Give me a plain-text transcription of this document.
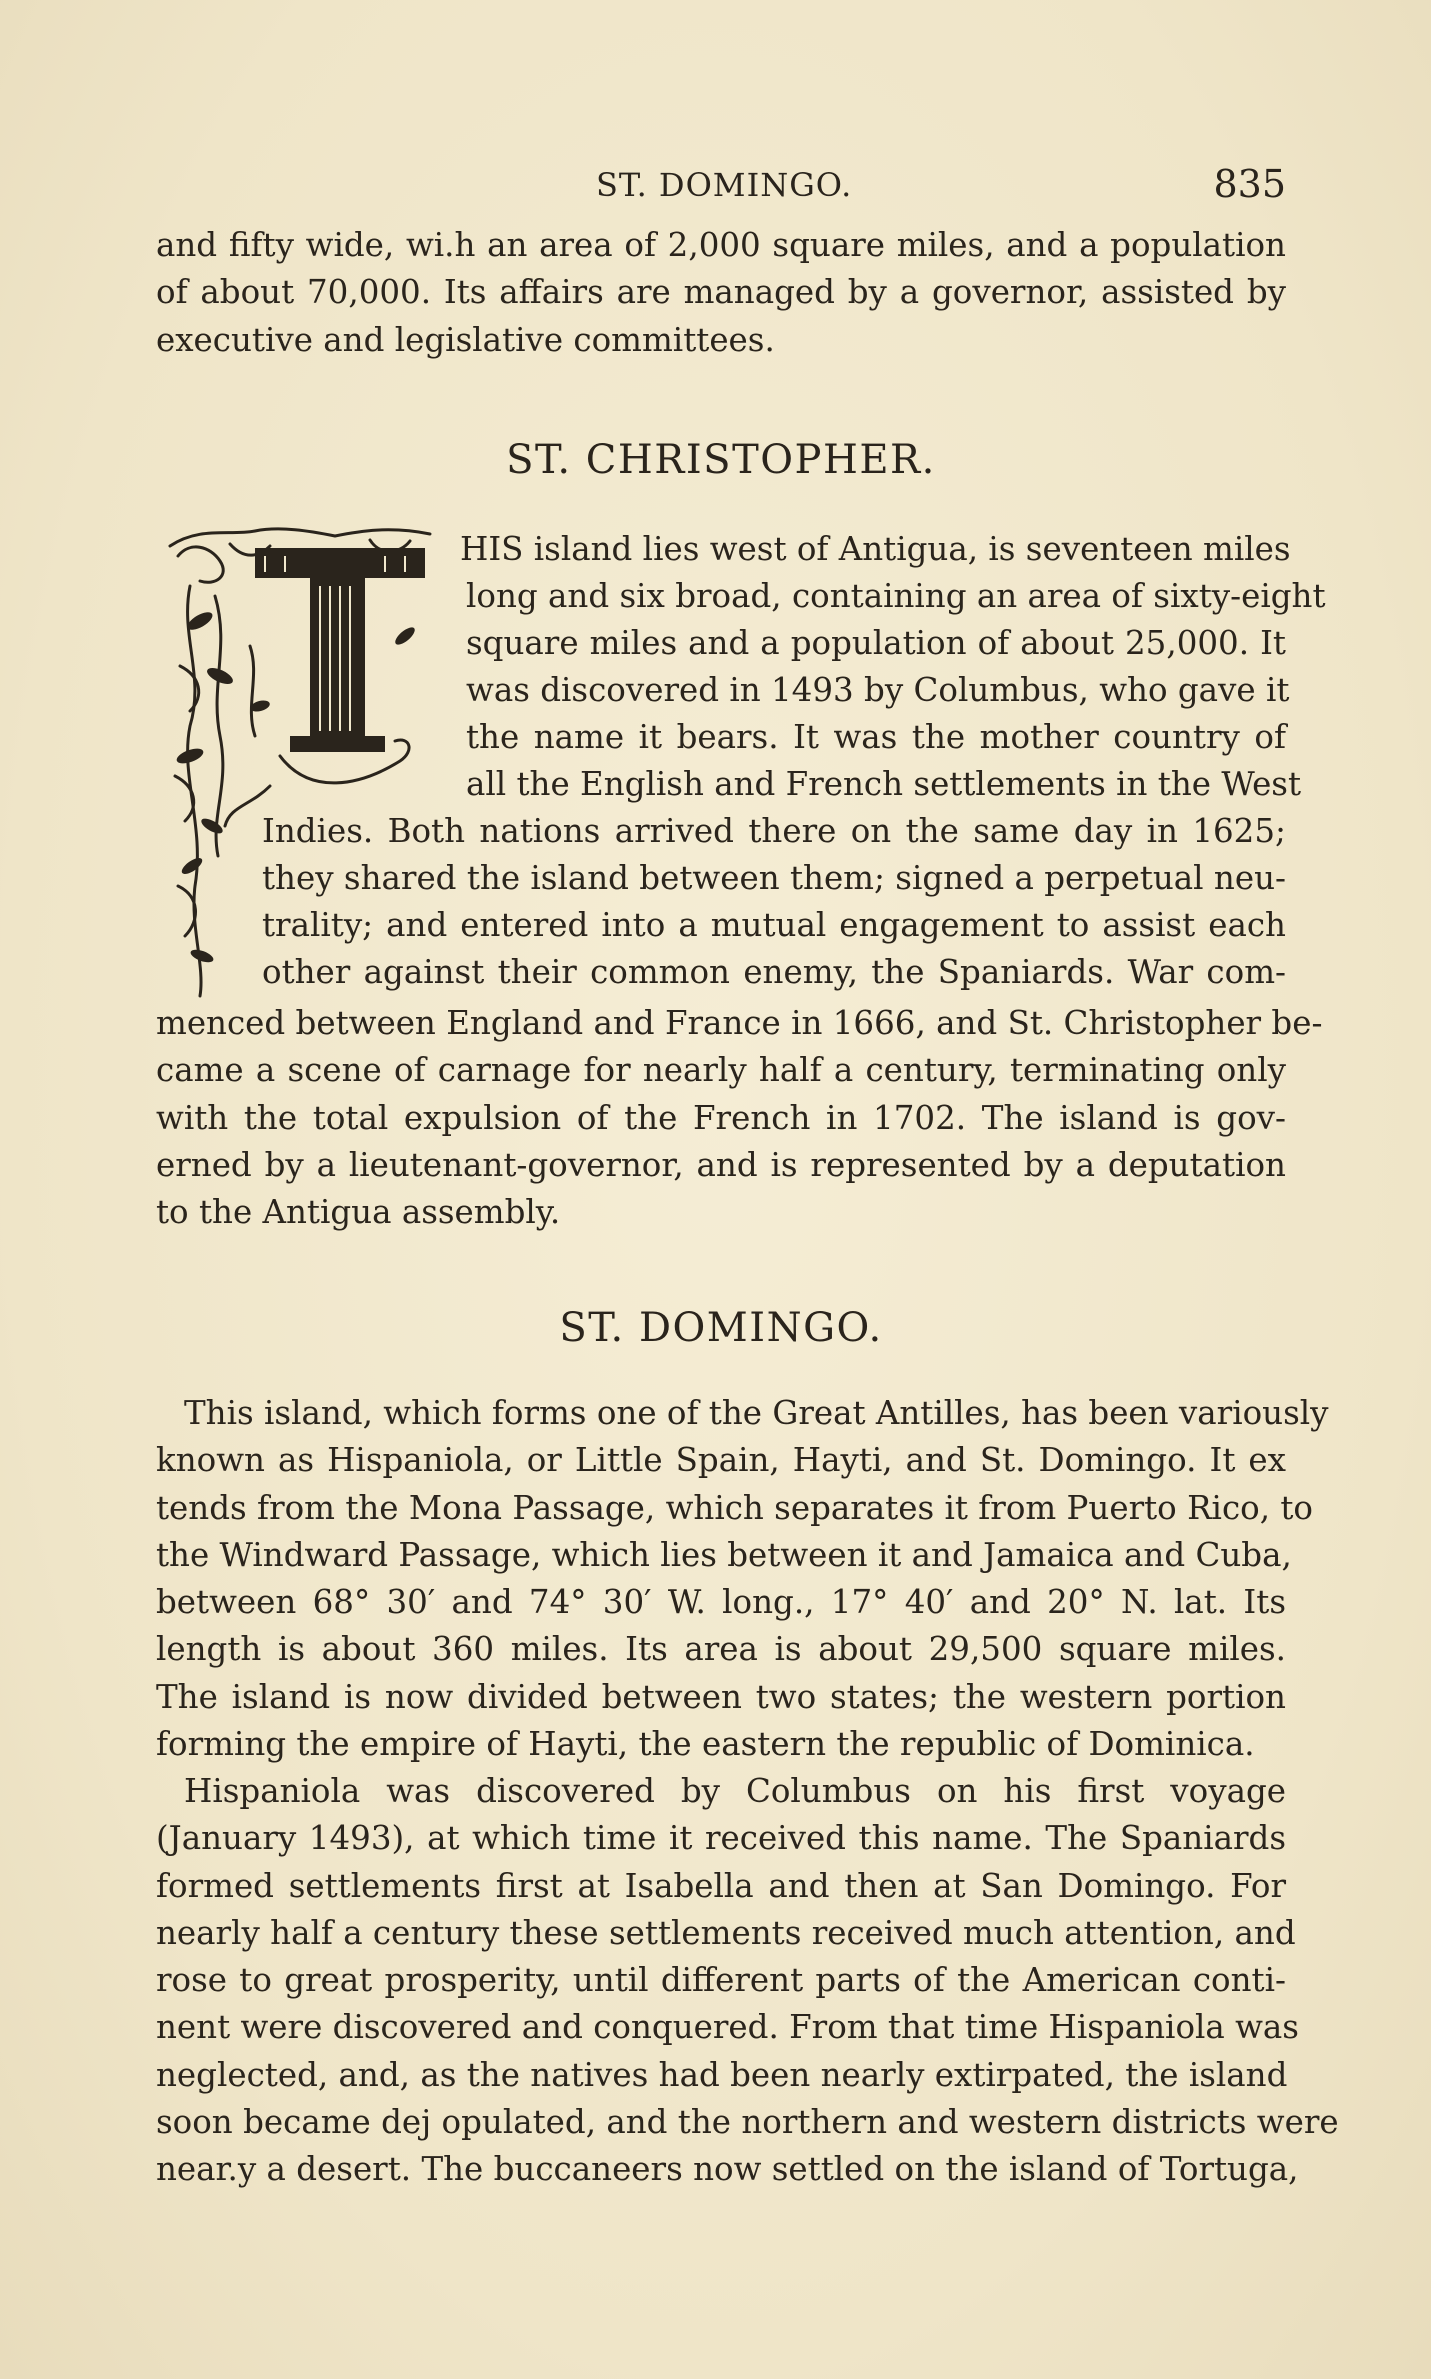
ST. DOMINGO.	835
and fifty wide, wi.h an area of 2,000 square miles, and a population
of about 70,000. Its affairs are managed by a governor, assisted by
executive and legislative committees.
ST. CHRISTOPHER.
HIS island lies west of Antigua, is seventeen miles
long and six broad, containing an area of sixty-eight
square miles and a population of about 25,000. It
was discovered in 1493 by Columbus, who gave it
the name it bears. It was the mother country of
all the English and French settlements in the West
Indies. Both nations arrived there on the same day in 1625;
they shared the island between them; signed a perpetual neu-
trality; and entered into a mutual engagement to assist each
other against their common enemy, the Spaniards. War com-
menced between England and France in 1666, and St. Christopher be-
came a scene of carnage for nearly half a century, terminating only
with the total expulsion of the French in 1702. The island is gov-
erned by a lieutenant-governor, and is represented by a deputation
to the Antigua assembly.
ST. DOMINGO.
This island, which forms one of the Great Antilles, has been variously
known as Hispaniola, or Little Spain, Hayti, and St. Domingo. It ex
tends from the Mona Passage, which separates it from Puerto Rico, to
the Windward Passage, which lies between it and Jamaica and Cuba,
between 68° 30′ and 74° 30′ W. long., 17° 40′ and 20° N. lat. Its
length is about 360 miles. Its area is about 29,500 square miles.
The island is now divided between two states; the western portion
forming the empire of Hayti, the eastern the republic of Dominica.
Hispaniola was discovered by Columbus on his first voyage
(January 1493), at which time it received this name. The Spaniards
formed settlements first at Isabella and then at San Domingo. For
nearly half a century these settlements received much attention, and
rose to great prosperity, until different parts of the American conti-
nent were discovered and conquered. From that time Hispaniola was
neglected, and, as the natives had been nearly extirpated, the island
soon became dej opulated, and the northern and western districts were
near.y a desert. The buccaneers now settled on the island of Tortuga,
